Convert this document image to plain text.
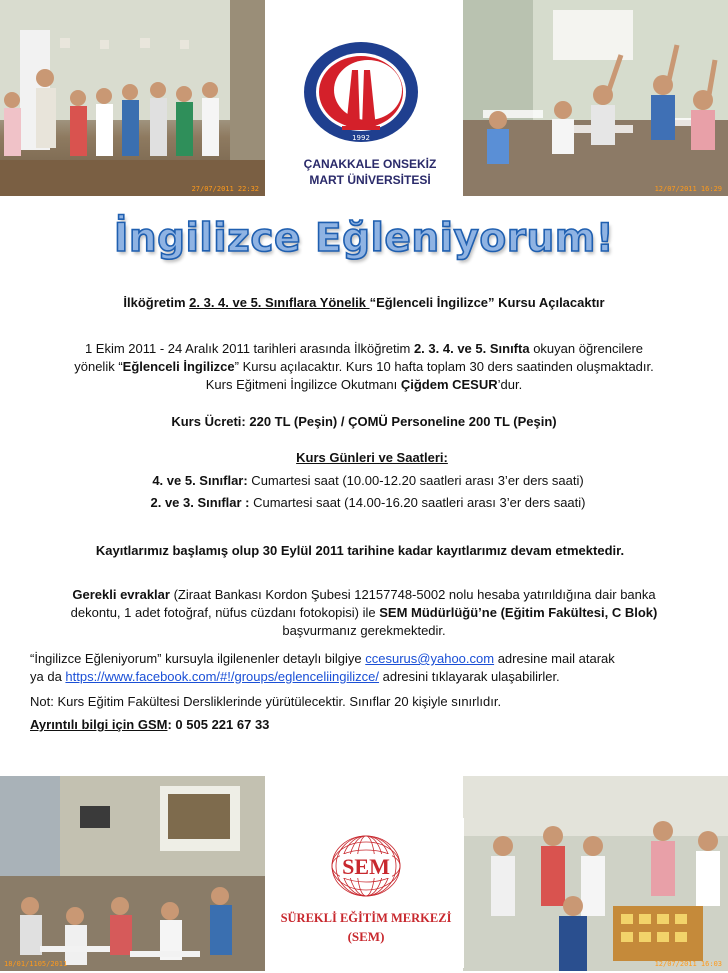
27/07/2011 22:32	12/07/2011 16:29
1992
ÇANAKKALE ONSEKİZ
MART ÜNİVERSİTESİ
İngilizce Eğleniyorum!
İlköğretim 2. 3. 4. ve 5. Sınıflara Yönelik “Eğlenceli İngilizce” Kursu Açılacaktır
1 Ekim 2011 - 24 Aralık 2011 tarihleri arasında İlköğretim 2. 3. 4. ve 5. Sınıfta okuyan öğrencilere
yönelik “Eğlenceli İngilizce” Kursu açılacaktır. Kurs 10 hafta toplam 30 ders saatinden oluşmaktadır.
Kurs Eğitmeni İngilizce Okutmanı Çiğdem CESUR’dur.
Kurs Ücreti: 220 TL (Peşin) / ÇOMÜ Personeline 200 TL (Peşin)
Kurs Günleri ve Saatleri:
4. ve 5. Sınıflar: Cumartesi saat (10.00-12.20 saatleri arası 3’er ders saati)
2. ve 3. Sınıflar : Cumartesi saat (14.00-16.20 saatleri arası 3’er ders saati)
Kayıtlarımız başlamış olup 30 Eylül 2011 tarihine kadar kayıtlarımız devam etmektedir.
Gerekli evraklar (Ziraat Bankası Kordon Şubesi 12157748-5002 nolu hesaba yatırıldığına dair banka
dekontu, 1 adet fotoğraf, nüfus cüzdanı fotokopisi) ile SEM Müdürlüğü’ne (Eğitim Fakültesi, C Blok)
başvurmanız gerekmektedir.
“İngilizce Eğleniyorum” kursuyla ilgilenenler detaylı bilgiye ccesurus@yahoo.com adresine mail atarak
ya da https://www.facebook.com/#!/groups/eglenceliingilizce/ adresini tıklayarak ulaşabilirler.
Not: Kurs Eğitim Fakültesi Dersliklerinde yürütülecektir. Sınıflar 20 kişiyle sınırlıdır.
Ayrıntılı bilgi için GSM: 0 505 221 67 33
18/01/1105/2011	12/07/2011 16:03
SEM
SÜREKLİ EĞİTİM MERKEZİ
(SEM)
